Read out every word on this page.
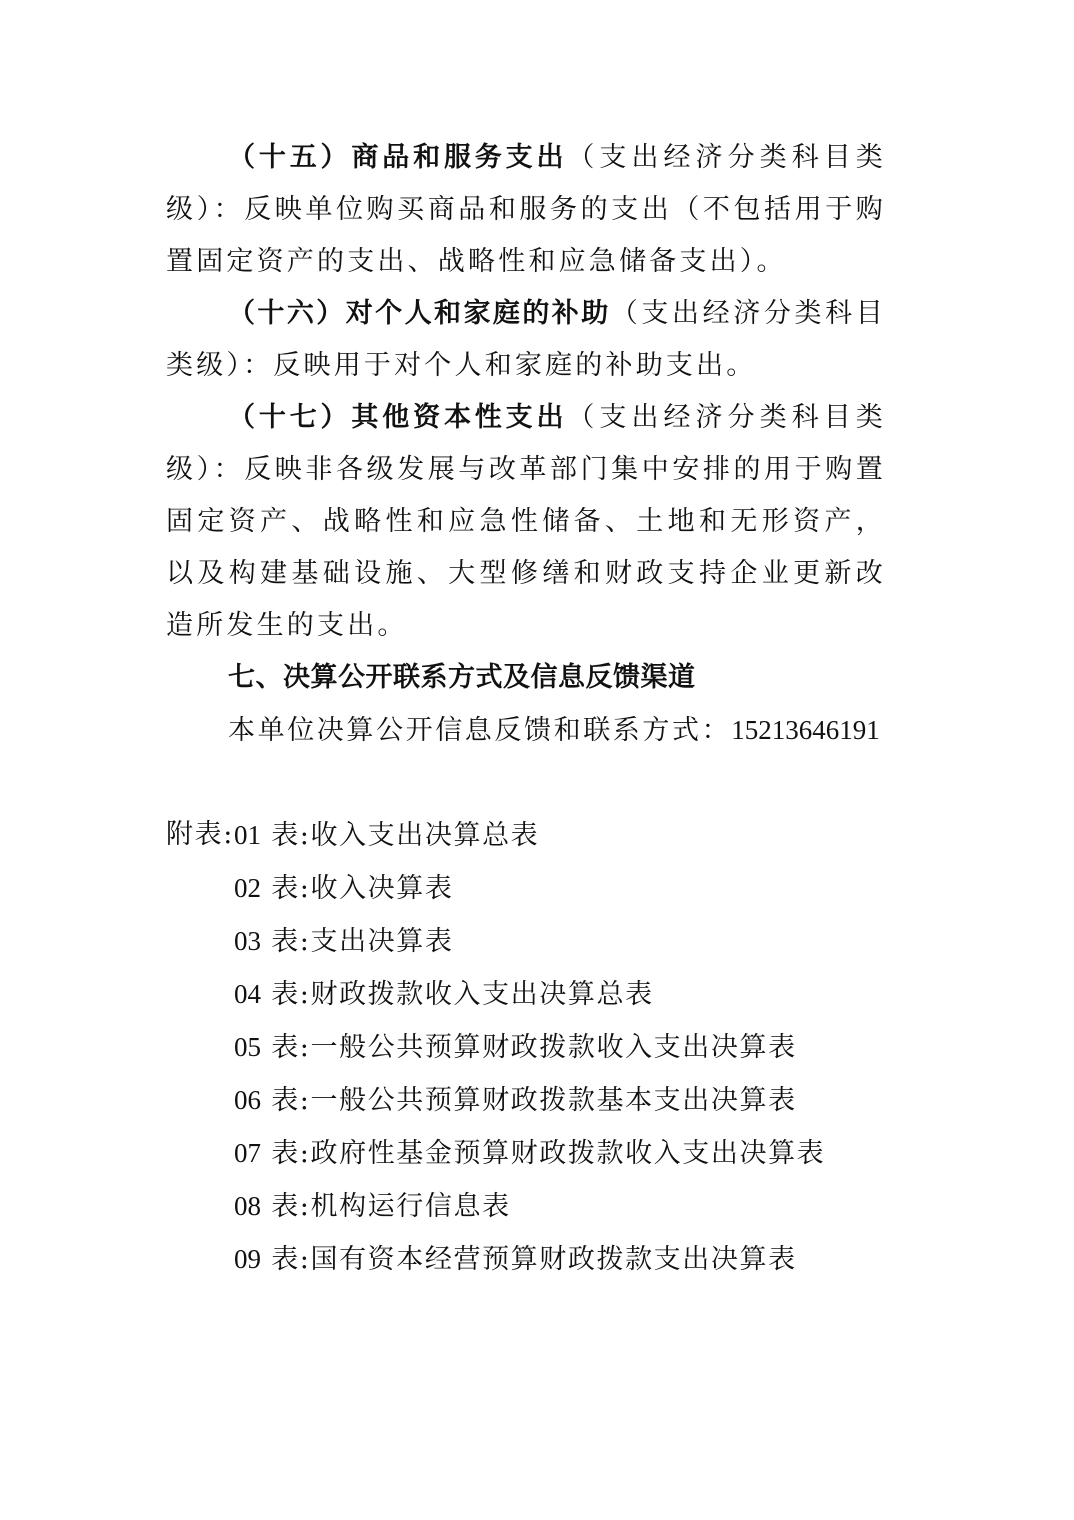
（十五）商品和服务支出（支出经济分类科目类级）：反映单位购买商品和服务的支出（不包括用于购置固定资产的支出、战略性和应急储备支出）。

（十六）对个人和家庭的补助（支出经济分类科目类级）：反映用于对个人和家庭的补助支出。

（十七）其他资本性支出（支出经济分类科目类级）：反映非各级发展与改革部门集中安排的用于购置固定资产、战略性和应急性储备、土地和无形资产，以及构建基础设施、大型修缮和财政支持企业更新改造所发生的支出。

七、决算公开联系方式及信息反馈渠道

本单位决算公开信息反馈和联系方式：15213646191

附表: 01 表:收入支出决算总表
02 表:收入决算表
03 表:支出决算表
04 表:财政拨款收入支出决算总表
05 表:一般公共预算财政拨款收入支出决算表
06 表:一般公共预算财政拨款基本支出决算表
07 表:政府性基金预算财政拨款收入支出决算表
08 表:机构运行信息表
09 表:国有资本经营预算财政拨款支出决算表
